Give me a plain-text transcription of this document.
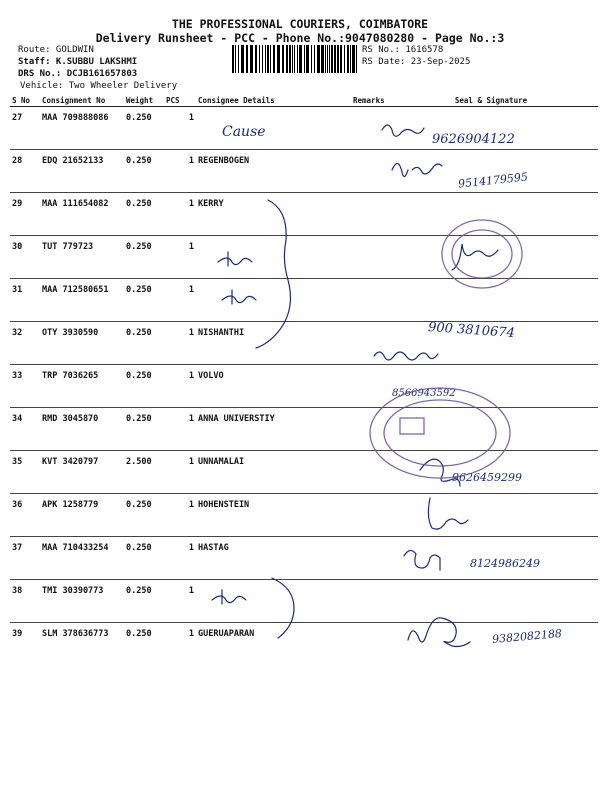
THE PROFESSIONAL COURIERS, COIMBATORE
Delivery Runsheet - PCC - Phone No.:9047080280 - Page No.:3
Route: GOLDWIN
Staff: K.SUBBU LAKSHMI
DRS No.: DCJB161657803
Vehicle: Two Wheeler Delivery
RS No.: 1616578
RS Date: 23-Sep-2025
S No	Consignment No	Weight	PCS	Consignee Details	Remarks	Seal & Signature
27	MAA 709888086	0.250	1			
28	EDQ 21652133	0.250	1	REGENBOGEN		
29	MAA 111654082	0.250	1	KERRY		
30	TUT 779723	0.250	1			
31	MAA 712580651	0.250	1			
32	OTY 3930590	0.250	1	NISHANTHI		
33	TRP 7036265	0.250	1	VOLVO		
34	RMD 3045870	0.250	1	ANNA UNIVERSTIY		
35	KVT 3420797	2.500	1	UNNAMALAI		
36	APK 1258779	0.250	1	HOHENSTEIN		
37	MAA 710433254	0.250	1	HASTAG		
38	TMI 30390773	0.250	1			
39	SLM 378636773	0.250	1	GUERUAPARAN		
Cause	9626904122
9514179595
900 3810674
8566943592
9626459299
8124986249
9382082188
